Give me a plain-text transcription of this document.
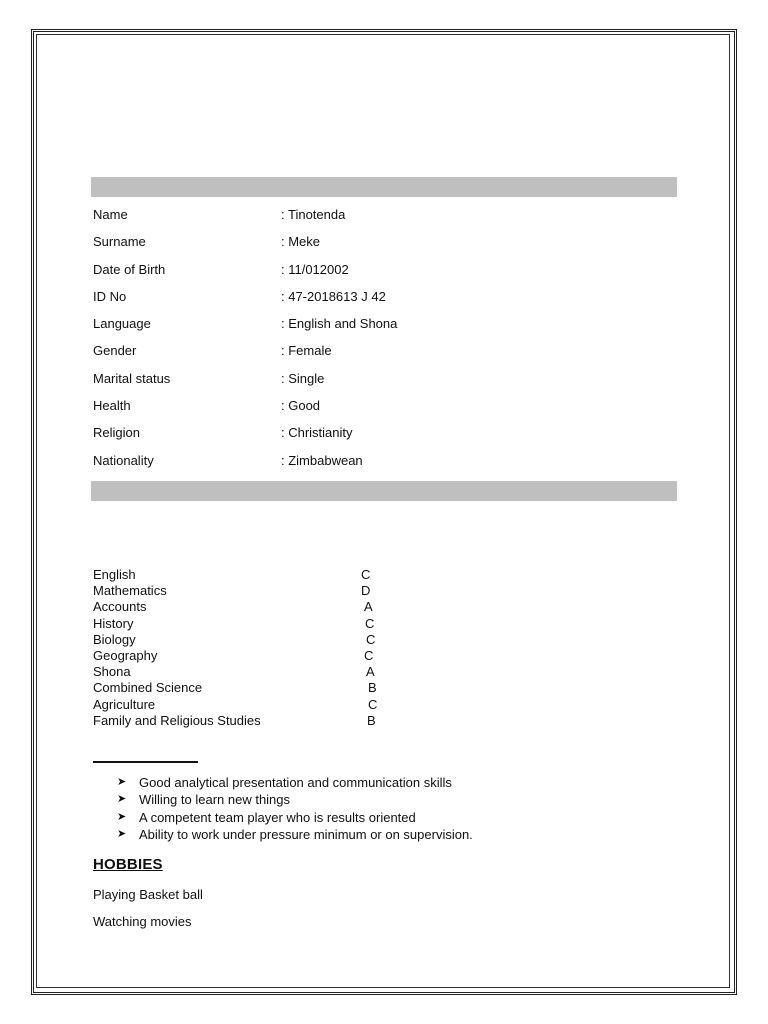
Name	: Tinotenda
Surname	: Meke
Date of Birth	: 11/012002
ID No	: 47-2018613 J 42
Language	: English and Shona
Gender	: Female
Marital status	: Single
Health	: Good
Religion	: Christianity
Nationality	: Zimbabwean
English	C
Mathematics	D
Accounts	A
History	C
Biology	C
Geography	C
Shona	A
Combined Science	B
Agriculture	C
Family and Religious Studies	B
➤ Good analytical presentation and communication skills
➤ Willing to learn new things
➤ A competent team player who is results oriented
➤ Ability to work under pressure minimum or on supervision.
HOBBIES
Playing Basket ball
Watching movies
